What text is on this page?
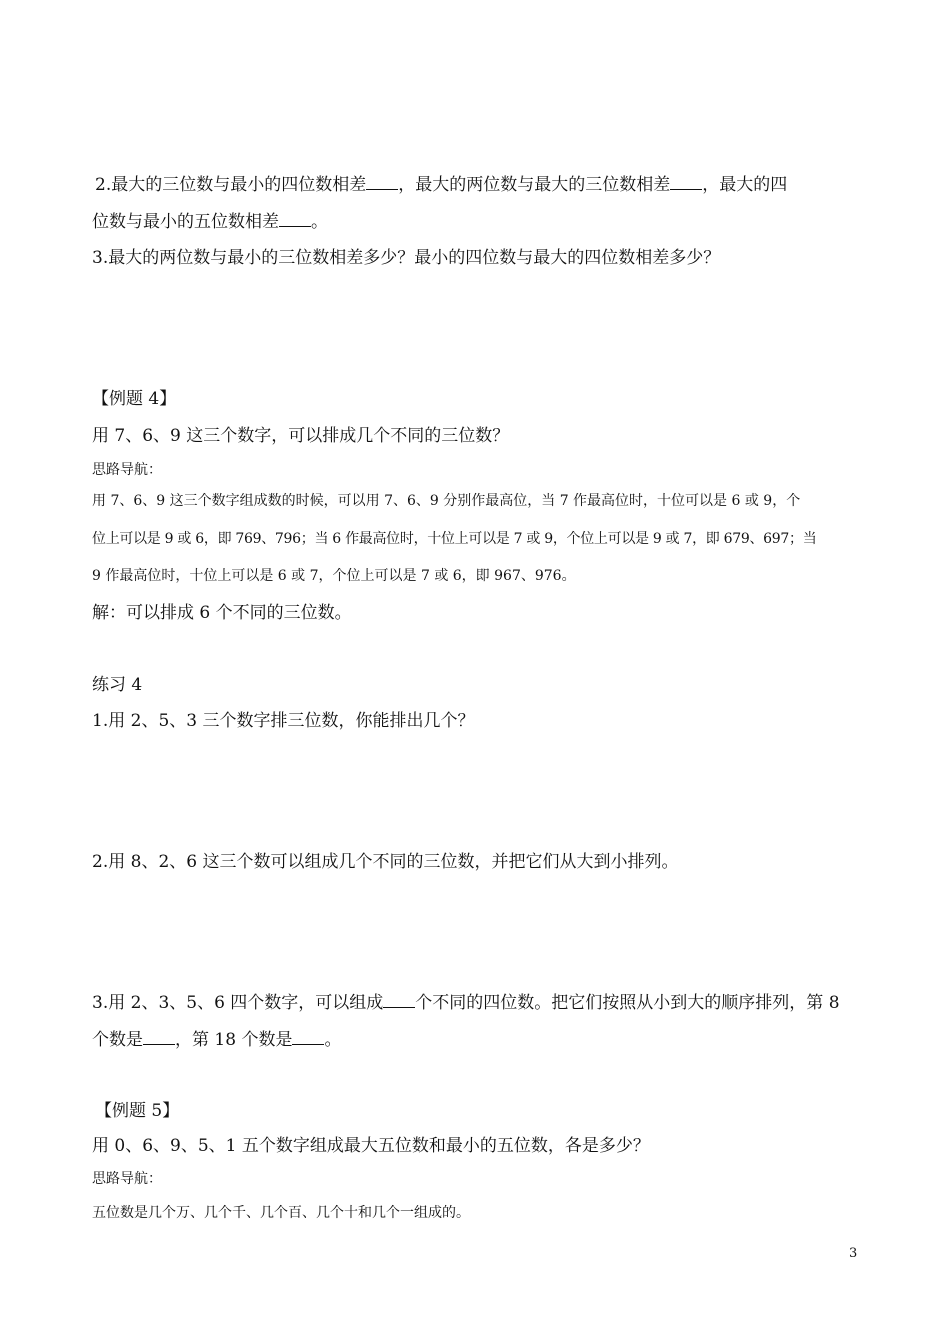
2.最大的三位数与最小的四位数相差 ，最大的两位数与最大的三位数相差 ，最大的四
位数与最小的五位数相差 。
3.最大的两位数与最小的三位数相差多少？最小的四位数与最大的四位数相差多少？
【例题 4】
用 7、6、9 这三个数字，可以排成几个不同的三位数？
思路导航：
用 7、6、9 这三个数字组成数的时候，可以用 7、6、9 分别作最高位，当 7 作最高位时，十位可以是 6 或 9，个
位上可以是 9 或 6，即 769、796；当 6 作最高位时，十位上可以是 7 或 9，个位上可以是 9 或 7，即 679、697；当
9 作最高位时，十位上可以是 6 或 7，个位上可以是 7 或 6，即 967、976。
解：可以排成 6 个不同的三位数。
练习 4
1.用 2、5、3 三个数字排三位数，你能排出几个？
2.用 8、2、6 这三个数可以组成几个不同的三位数，并把它们从大到小排列。
3.用 2、3、5、6 四个数字，可以组成 个不同的四位数。把它们按照从小到大的顺序排列，第 8
个数是 ，第 18 个数是 。
【例题 5】
用 0、6、9、5、1 五个数字组成最大五位数和最小的五位数，各是多少？
思路导航：
五位数是几个万、几个千、几个百、几个十和几个一组成的。
3
